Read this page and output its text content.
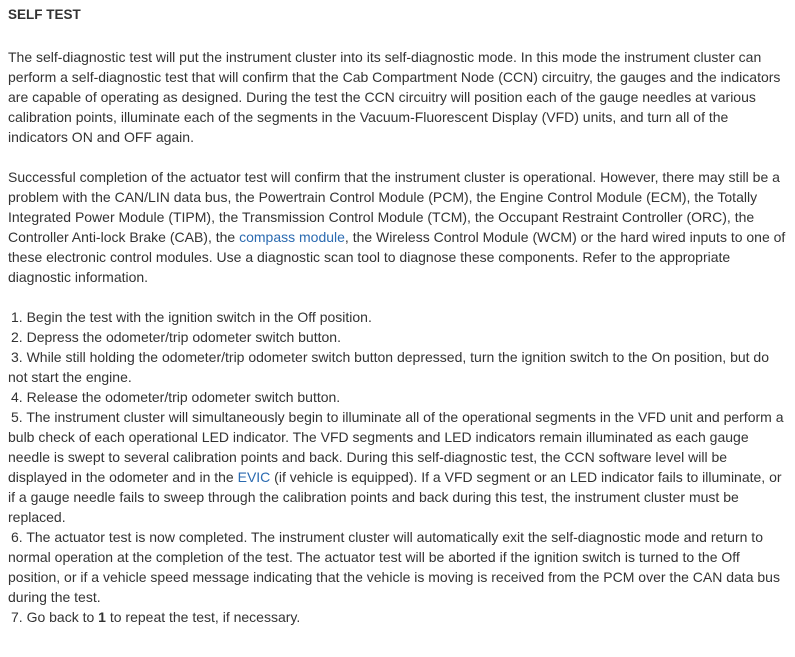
SELF TEST
The self-diagnostic test will put the instrument cluster into its self-diagnostic mode. In this mode the instrument cluster can perform a self-diagnostic test that will confirm that the Cab Compartment Node (CCN) circuitry, the gauges and the indicators are capable of operating as designed. During the test the CCN circuitry will position each of the gauge needles at various calibration points, illuminate each of the segments in the Vacuum-Fluorescent Display (VFD) units, and turn all of the indicators ON and OFF again.
Successful completion of the actuator test will confirm that the instrument cluster is operational. However, there may still be a problem with the CAN/LIN data bus, the Powertrain Control Module (PCM), the Engine Control Module (ECM), the Totally Integrated Power Module (TIPM), the Transmission Control Module (TCM), the Occupant Restraint Controller (ORC), the Controller Anti-lock Brake (CAB), the compass module, the Wireless Control Module (WCM) or the hard wired inputs to one of these electronic control modules. Use a diagnostic scan tool to diagnose these components. Refer to the appropriate diagnostic information.
1. Begin the test with the ignition switch in the Off position.
2. Depress the odometer/trip odometer switch button.
3. While still holding the odometer/trip odometer switch button depressed, turn the ignition switch to the On position, but do not start the engine.
4. Release the odometer/trip odometer switch button.
5. The instrument cluster will simultaneously begin to illuminate all of the operational segments in the VFD unit and perform a bulb check of each operational LED indicator. The VFD segments and LED indicators remain illuminated as each gauge needle is swept to several calibration points and back. During this self-diagnostic test, the CCN software level will be displayed in the odometer and in the EVIC (if vehicle is equipped). If a VFD segment or an LED indicator fails to illuminate, or if a gauge needle fails to sweep through the calibration points and back during this test, the instrument cluster must be replaced.
6. The actuator test is now completed. The instrument cluster will automatically exit the self-diagnostic mode and return to normal operation at the completion of the test. The actuator test will be aborted if the ignition switch is turned to the Off position, or if a vehicle speed message indicating that the vehicle is moving is received from the PCM over the CAN data bus during the test.
7. Go back to 1 to repeat the test, if necessary.
